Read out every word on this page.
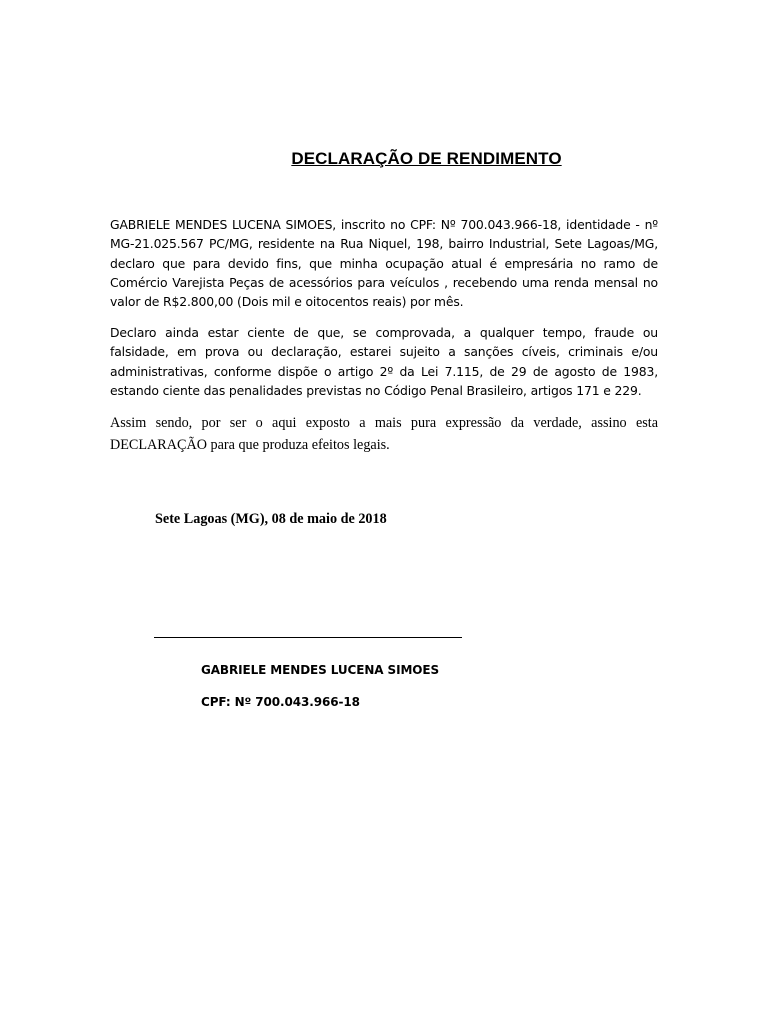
DECLARAÇÃO DE RENDIMENTO
GABRIELE MENDES LUCENA SIMOES, inscrito no CPF: Nº 700.043.966-18, identidade - nº MG-21.025.567 PC/MG, residente na Rua Niquel, 198, bairro Industrial, Sete Lagoas/MG, declaro que para devido fins, que minha ocupação atual é empresária no ramo de Comércio Varejista Peças de acessórios para veículos , recebendo uma renda mensal no valor de R$2.800,00 (Dois mil e oitocentos reais) por mês.
Declaro ainda estar ciente de que, se comprovada, a qualquer tempo, fraude ou falsidade, em prova ou declaração, estarei sujeito a sanções cíveis, criminais e/ou administrativas, conforme dispõe o artigo 2º da Lei 7.115, de 29 de agosto de 1983, estando ciente das penalidades previstas no Código Penal Brasileiro, artigos 171 e 229.
Assim sendo, por ser o aqui exposto a mais pura expressão da verdade, assino esta DECLARAÇÃO para que produza efeitos legais.
Sete Lagoas (MG), 08 de maio de 2018
GABRIELE MENDES LUCENA SIMOES
CPF: Nº 700.043.966-18
